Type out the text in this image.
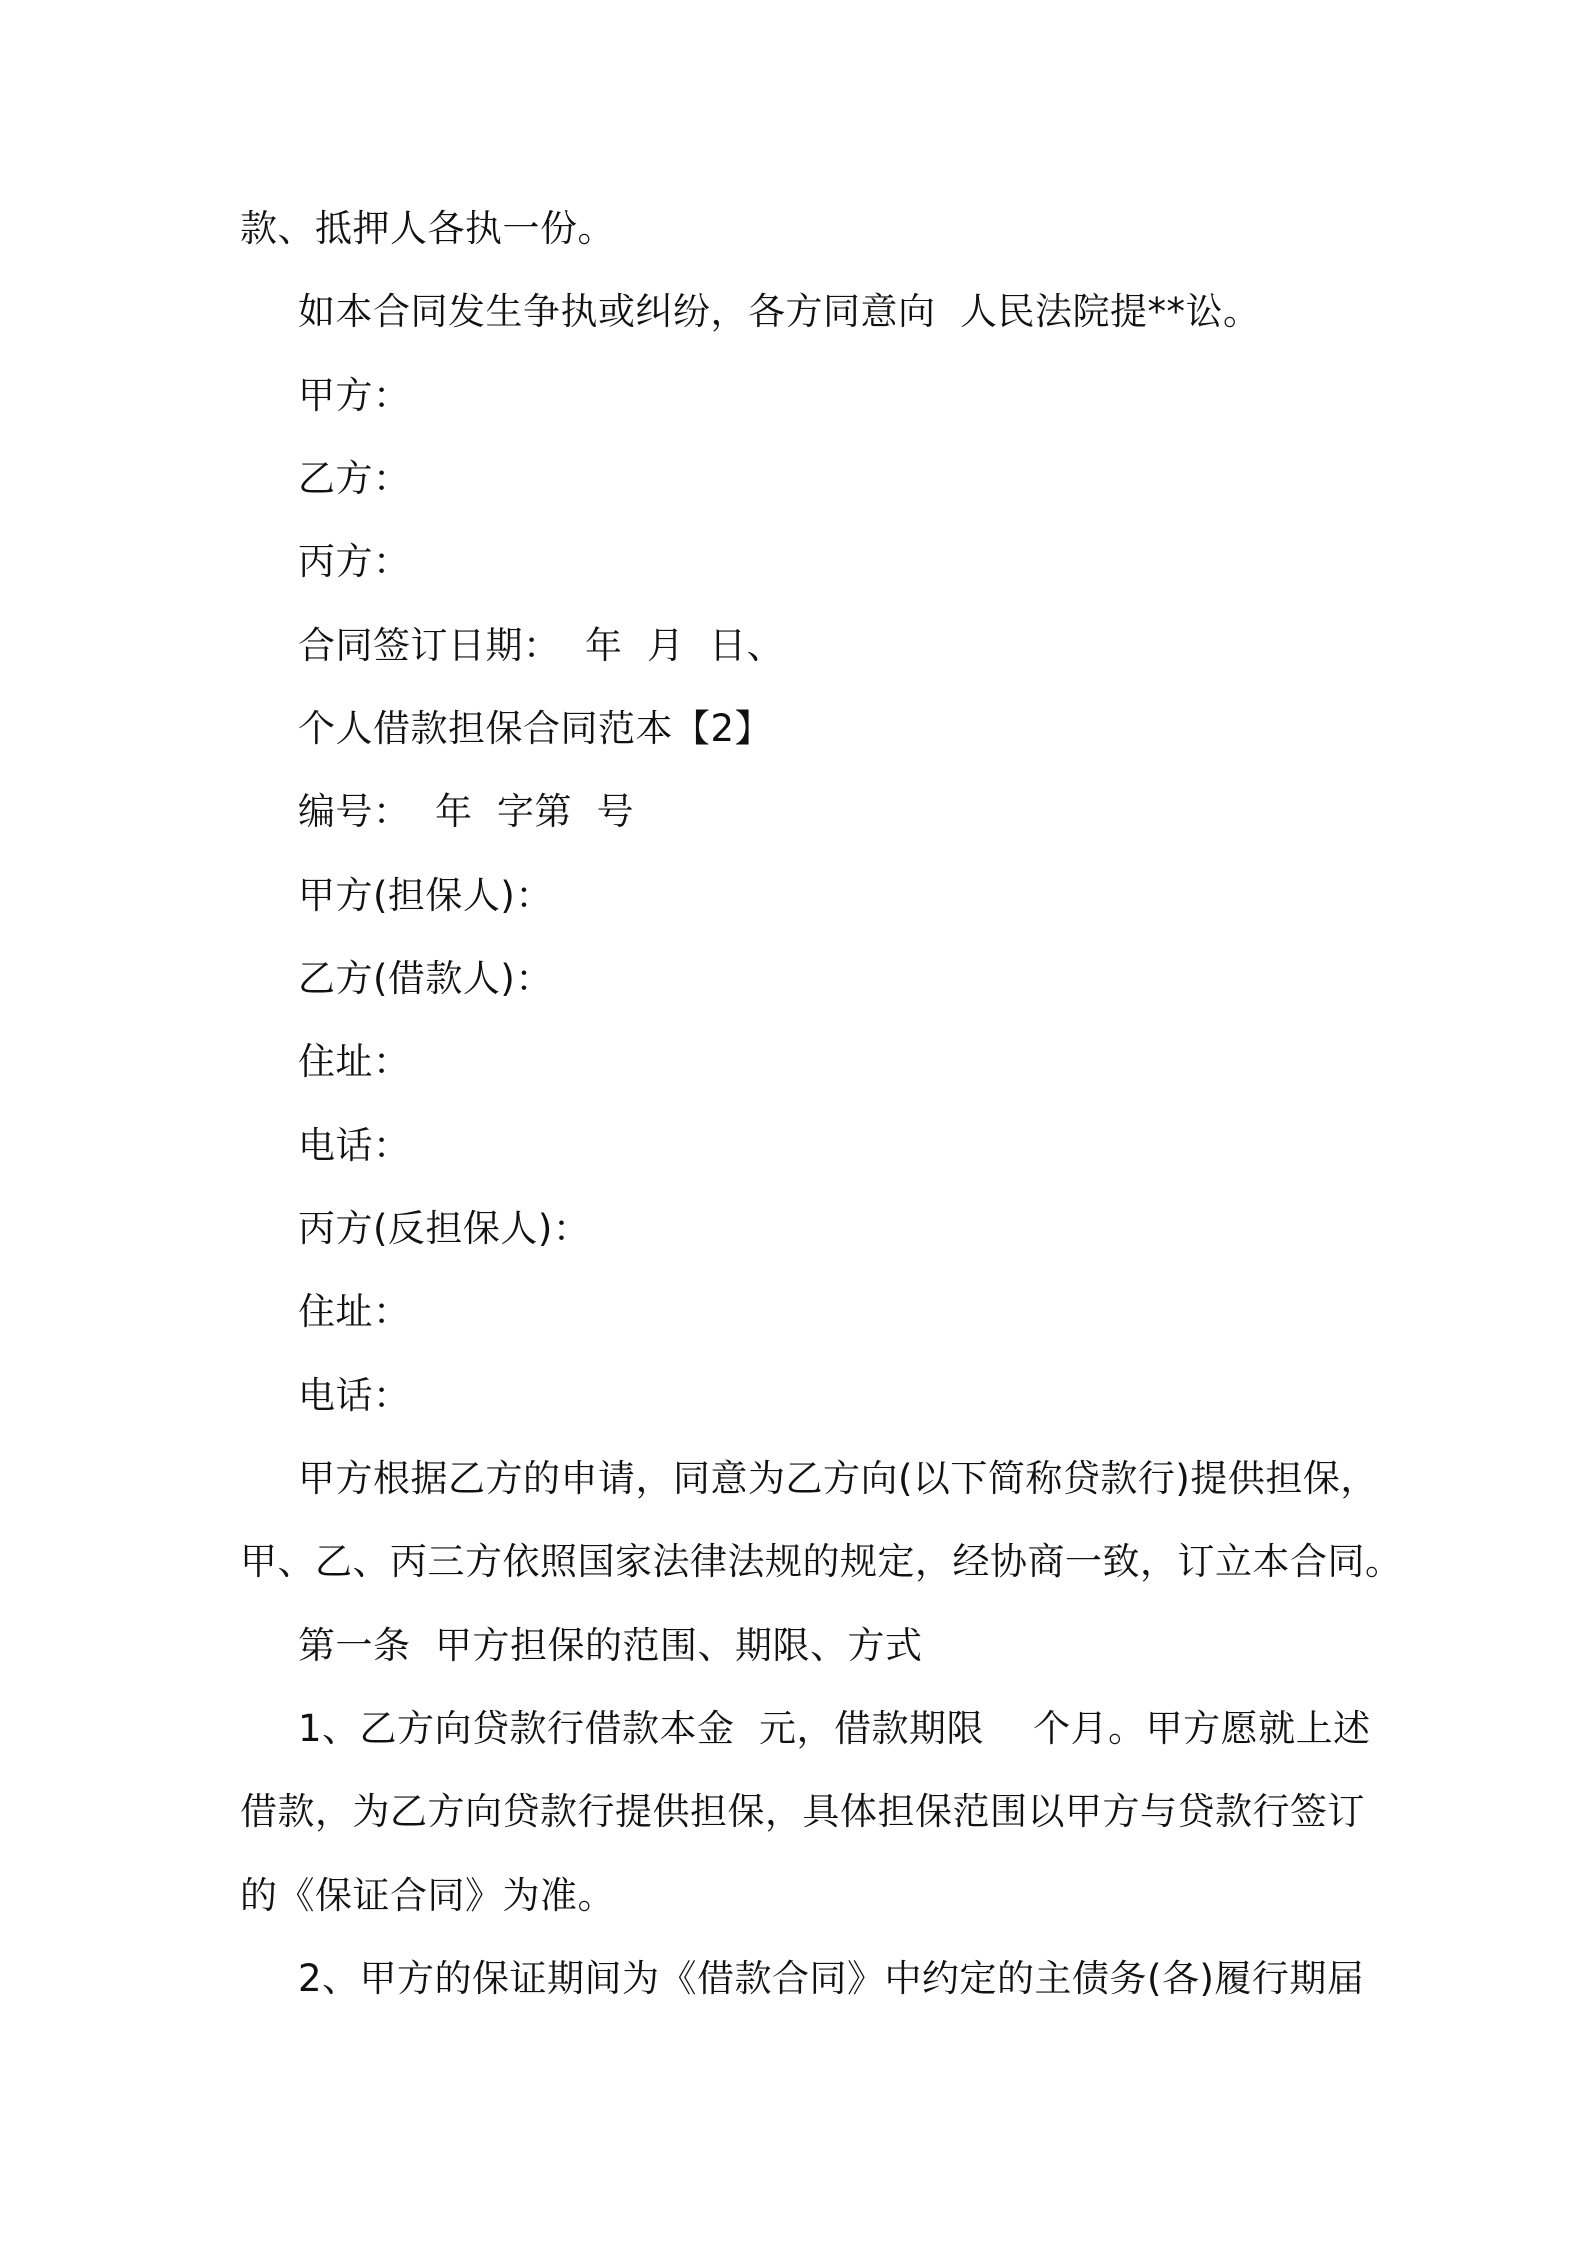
款、抵押人各执一份。
如本合同发生争执或纠纷，各方同意向  人民法院提**讼。
甲方：
乙方：
丙方：
合同签订日期：  年  月  日、
个人借款担保合同范本【2】
编号：  年  字第  号
甲方(担保人)：
乙方(借款人)：
住址：
电话：
丙方(反担保人)：
住址：
电话：
甲方根据乙方的申请，同意为乙方向(以下简称贷款行)提供担保，
甲、乙、丙三方依照国家法律法规的规定，经协商一致，订立本合同。
第一条  甲方担保的范围、期限、方式
1、乙方向贷款行借款本金  元，借款期限    个月。甲方愿就上述
借款，为乙方向贷款行提供担保，具体担保范围以甲方与贷款行签订
的《保证合同》为准。
2、甲方的保证期间为《借款合同》中约定的主债务(各)履行期届
